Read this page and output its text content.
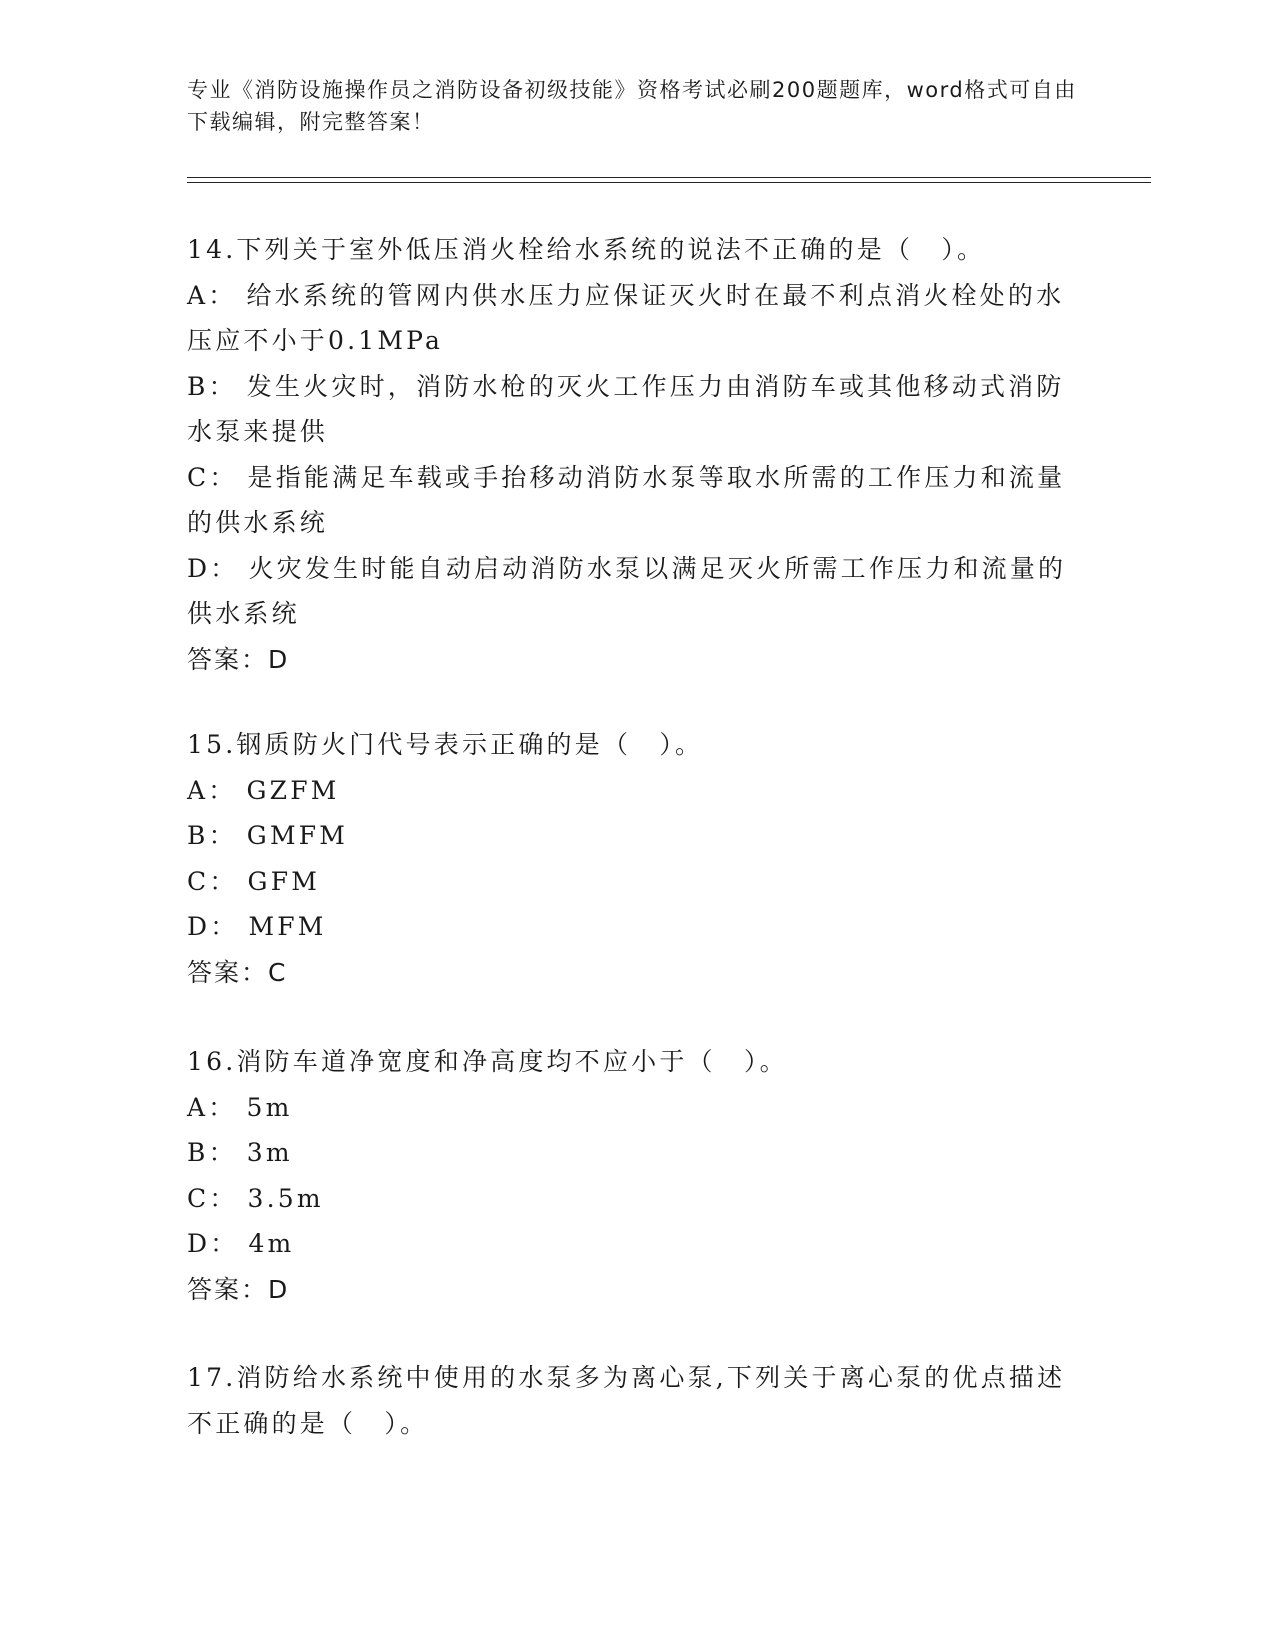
专业《消防设施操作员之消防设备初级技能》资格考试必刷200题题库，word格式可自由下载编辑，附完整答案！
14.下列关于室外低压消火栓给水系统的说法不正确的是（　）。
A： 给水系统的管网内供水压力应保证灭火时在最不利点消火栓处的水压应不小于0.1MPa
B： 发生火灾时，消防水枪的灭火工作压力由消防车或其他移动式消防水泵来提供
C： 是指能满足车载或手抬移动消防水泵等取水所需的工作压力和流量的供水系统
D： 火灾发生时能自动启动消防水泵以满足灭火所需工作压力和流量的供水系统
答案：D
15.钢质防火门代号表示正确的是（　）。
A： GZFM
B： GMFM
C： GFM
D： MFM
答案：C
16.消防车道净宽度和净高度均不应小于（　）。
A： 5m
B： 3m
C： 3.5m
D： 4m
答案：D
17.消防给水系统中使用的水泵多为离心泵,下列关于离心泵的优点描述不正确的是（　）。
